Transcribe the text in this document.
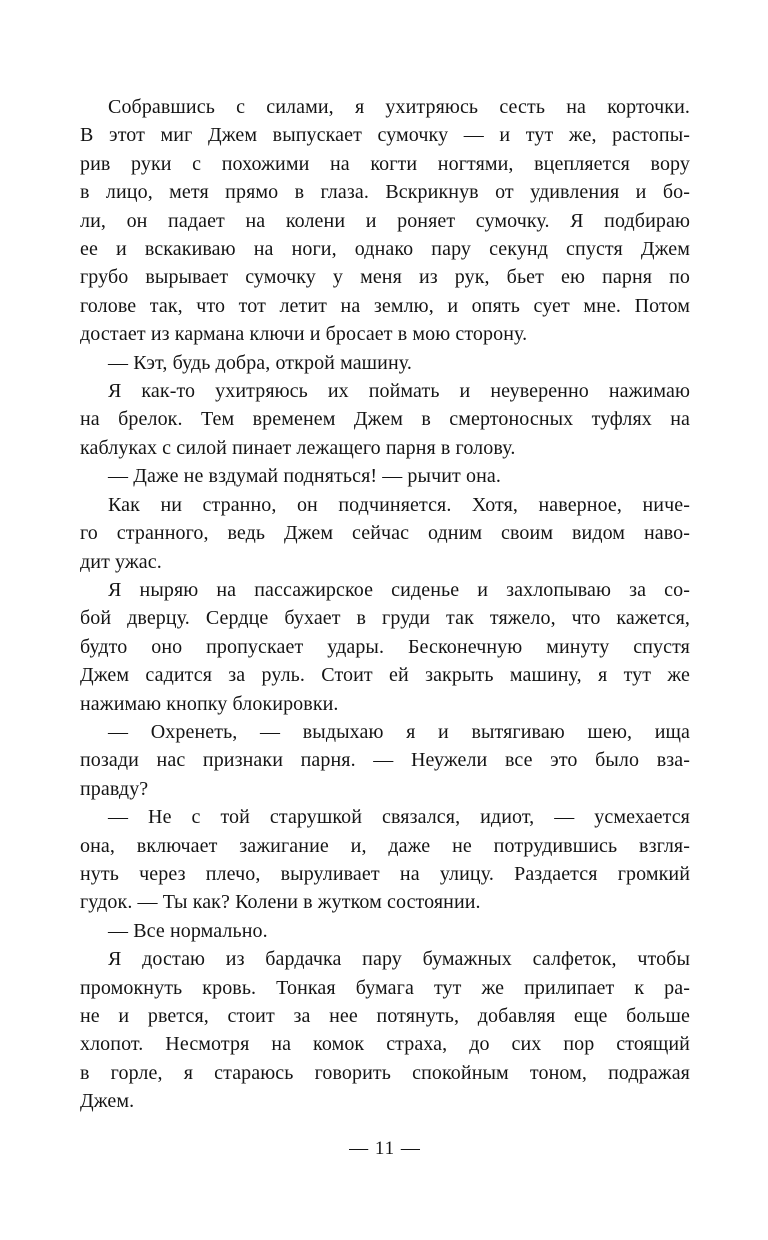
Собравшись с силами, я ухитряюсь сесть на корточки.
В этот миг Джем выпускает сумочку — и тут же, растопы-
рив руки с похожими на когти ногтями, вцепляется вору
в лицо, метя прямо в глаза. Вскрикнув от удивления и бо-
ли, он падает на колени и роняет сумочку. Я подбираю
ее и вскакиваю на ноги, однако пару секунд спустя Джем
грубо вырывает сумочку у меня из рук, бьет ею парня по
голове так, что тот летит на землю, и опять сует мне. Потом
достает из кармана ключи и бросает в мою сторону.

— Кэт, будь добра, открой машину.

Я как-то ухитряюсь их поймать и неуверенно нажимаю
на брелок. Тем временем Джем в смертоносных туфлях на
каблуках с силой пинает лежащего парня в голову.

— Даже не вздумай подняться! — рычит она.

Как ни странно, он подчиняется. Хотя, наверное, ниче-
го странного, ведь Джем сейчас одним своим видом наво-
дит ужас.

Я ныряю на пассажирское сиденье и захлопываю за со-
бой дверцу. Сердце бухает в груди так тяжело, что кажется,
будто оно пропускает удары. Бесконечную минуту спустя
Джем садится за руль. Стоит ей закрыть машину, я тут же
нажимаю кнопку блокировки.

— Охренеть, — выдыхаю я и вытягиваю шею, ища
позади нас признаки парня. — Неужели все это было вза-
правду?

— Не с той старушкой связался, идиот, — усмехается
она, включает зажигание и, даже не потрудившись взгля-
нуть через плечо, выруливает на улицу. Раздается громкий
гудок. — Ты как? Колени в жутком состоянии.

— Все нормально.

Я достаю из бардачка пару бумажных салфеток, чтобы
промокнуть кровь. Тонкая бумага тут же прилипает к ра-
не и рвется, стоит за нее потянуть, добавляя еще больше
хлопот. Несмотря на комок страха, до сих пор стоящий
в горле, я стараюсь говорить спокойным тоном, подражая
Джем.

— 11 —
